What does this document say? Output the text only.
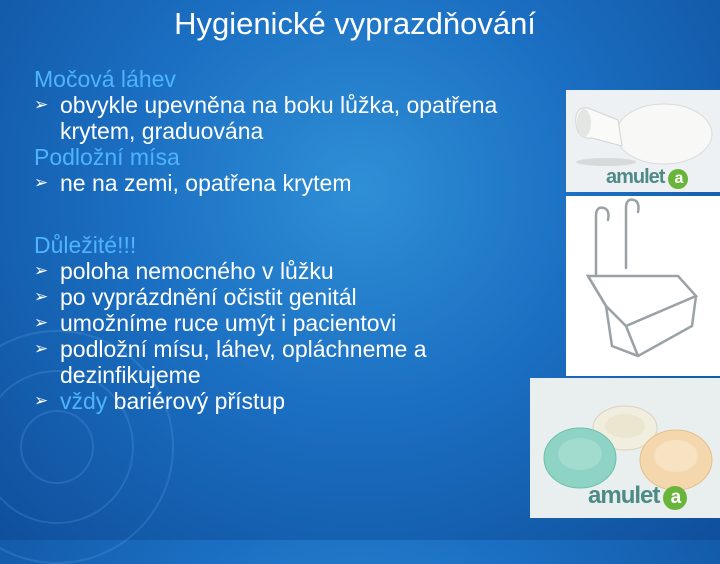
Hygienické vyprazdňování
Močová láhev
➢ obvykle upevněna na boku lůžka, opatřena krytem, graduována
Podložní mísa
➢ ne na zemi, opatřena krytem
Důležité!!!
➢ poloha nemocného v lůžku
➢ po vyprázdnění očistit genitál
➢ umožníme ruce umýt i pacientovi
➢ podložní mísu, láhev, opláchneme a dezinfikujeme
➢ vždy bariérový přístup
amulet a
amulet a
